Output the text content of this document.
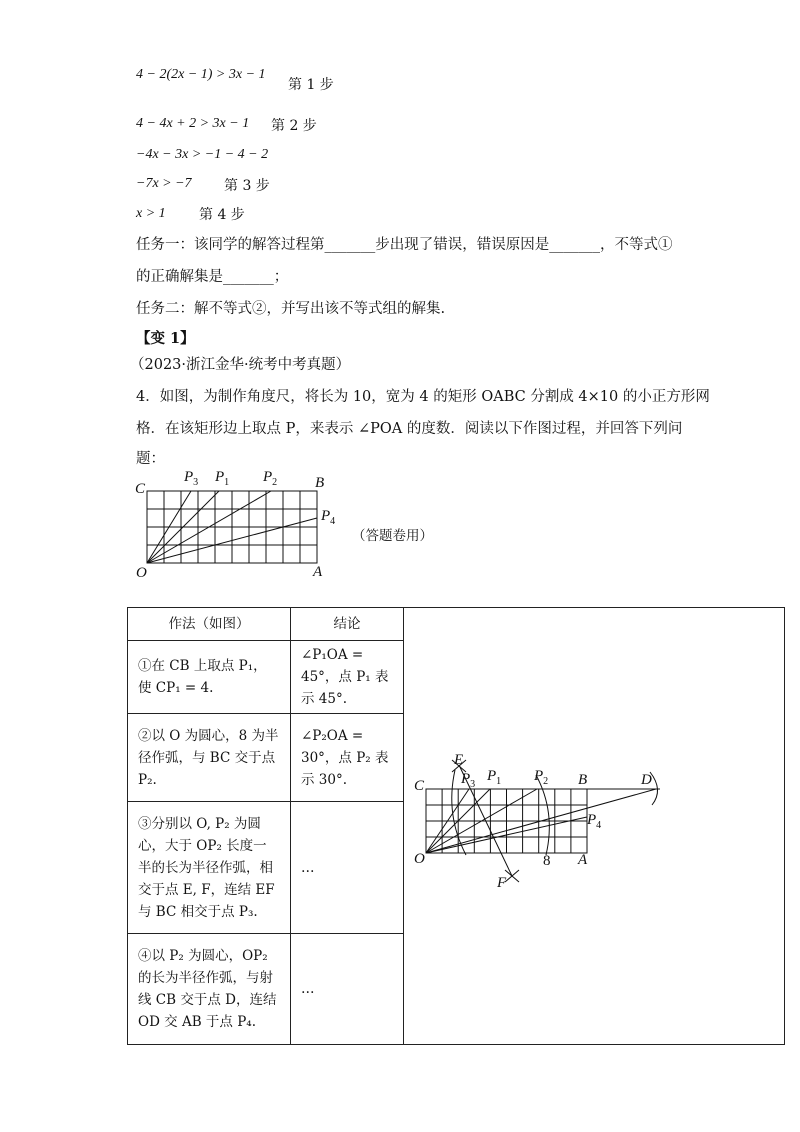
4 − 2(2x − 1) > 3x − 1
第 1 步
4 − 4x + 2 > 3x − 1 第 2 步
−4x − 3x > −1 − 4 − 2
−7x > −7 第 3 步
x > 1 第 4 步
任务一：该同学的解答过程第_______步出现了错误，错误原因是_______，不等式①
的正确解集是_______；
任务二：解不等式②，并写出该不等式组的解集.
【变 1】
（2023·浙江金华·统考中考真题）
4．如图，为制作角度尺，将长为 10，宽为 4 的矩形 OABC 分割成 4×10 的小正方形网
格．在该矩形边上取点 P，来表示 ∠POA 的度数．阅读以下作图过程，并回答下列问
题：
C
O	A
B
$P_3$ $P_1$ $P_2$
$P_4$
（答题卷用）
作法（如图）	结论	
①在 CB 上取点 P₁，使 CP₁ = 4.	∠P₁OA = 45°，点 P₁ 表示 45°.	
②以 O 为圆心，8 为半径作弧，与 BC 交于点 P₂.	∠P₂OA = 30°，点 P₂ 表示 30°.	
③分别以 O, P₂ 为圆心，大于 OP₂ 长度一半的长为半径作弧，相交于点 E, F，连结 EF 与 BC 相交于点 P₃.	…	
④以 P₂ 为圆心，OP₂ 的长为半径作弧，与射线 CB 交于点 D，连结 OD 交 AB 于点 P₄.	…	
C
O	A
B	D
E
F
8
$P_3$
$P_1$ $P_2$
$P_4$
